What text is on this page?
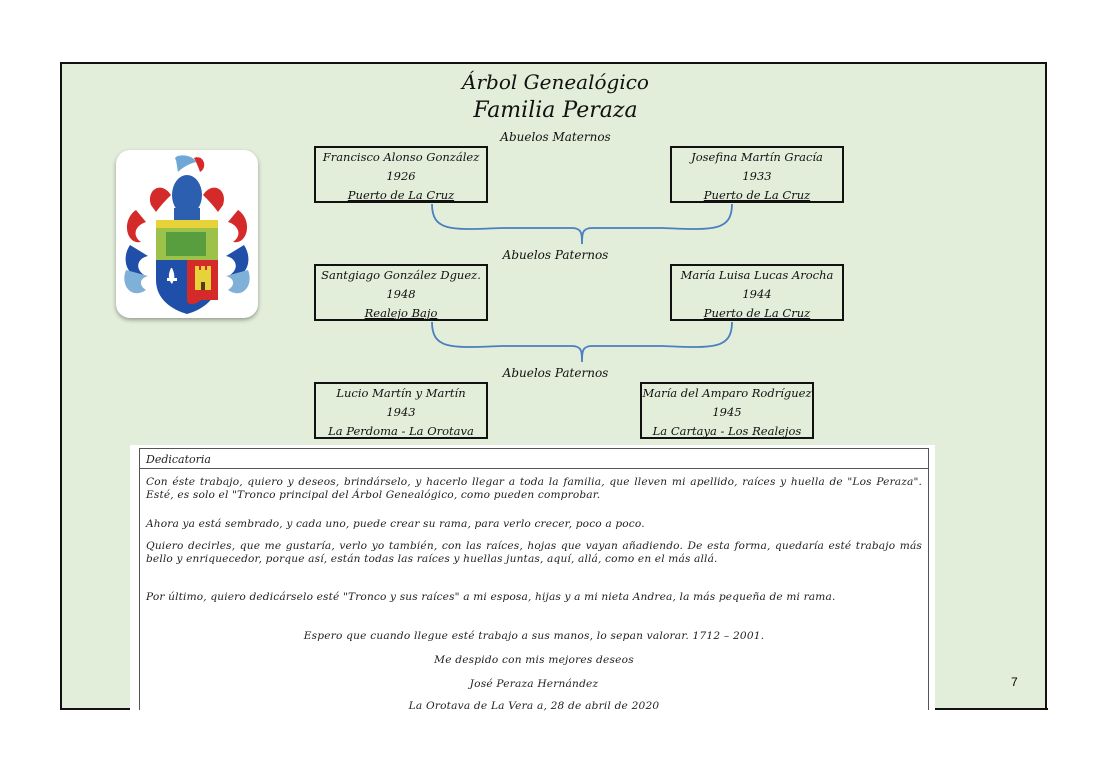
Árbol Genealógico
Familia Peraza
Abuelos Maternos
Francisco Alonso González
1926
Puerto de La Cruz
Josefina Martín Gracía
1933
Puerto de La Cruz
Abuelos Paternos
Santgiago González Dguez.
1948
Realejo Bajo
María Luisa Lucas Arocha
1944
Puerto de La Cruz
Abuelos Paternos
Lucio Martín y Martín
1943
La Perdoma - La Orotava
María del Amparo Rodríguez
1945
La Cartaya - Los Realejos
Dedicatoria
Con éste trabajo, quiero y deseos, brindárselo, y hacerlo llegar a toda la familia, que lleven mi apellido, raíces y huella de "Los Peraza". Esté, es solo el "Tronco principal del Árbol Genealógico, como pueden comprobar.
Ahora ya está sembrado, y cada uno, puede crear su rama, para verlo crecer, poco a poco.
Quiero decirles, que me gustaría, verlo yo también, con las raíces, hojas que vayan añadiendo. De esta forma, quedaría esté trabajo más bello y enriquecedor, porque así, están todas las raíces y huellas juntas, aquí, allá, como en el más allá.
Por último, quiero dedicárselo esté "Tronco y sus raíces" a mi esposa, hijas y a mi nieta Andrea, la más pequeña de mi rama.
Espero que cuando llegue esté trabajo a sus manos, lo sepan valorar. 1712 – 2001.
Me despido con mis mejores deseos
José Peraza Hernández
La Orotava de La Vera a, 28 de abril de 2020
7
